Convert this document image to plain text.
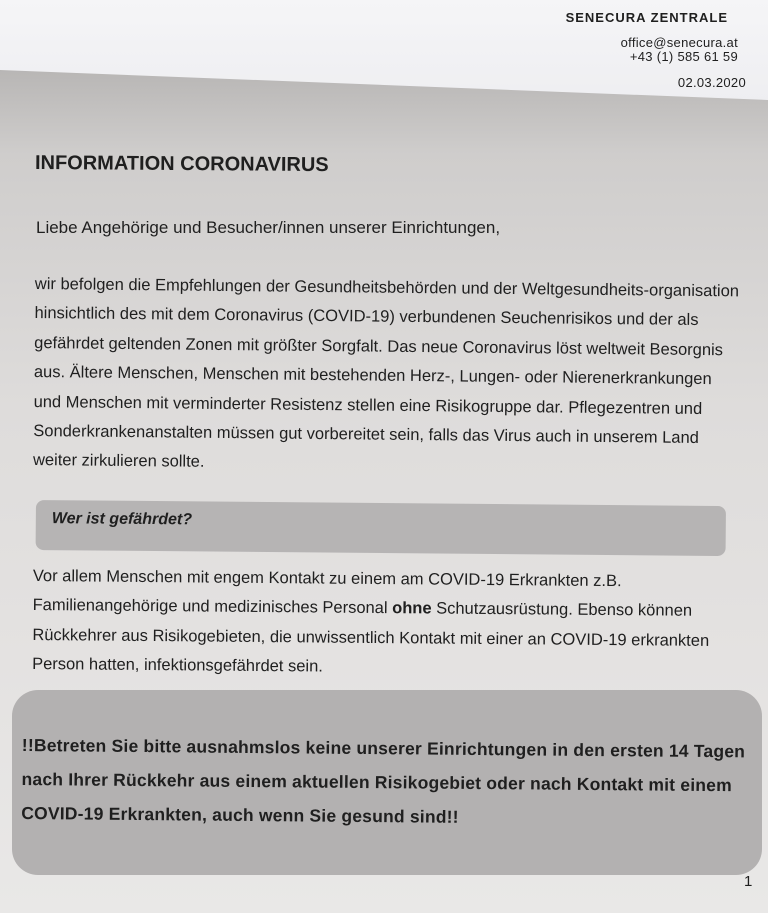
SENECURA ZENTRALE
office@senecura.at
+43 (1) 585 61 59
02.03.2020
INFORMATION CORONAVIRUS

Liebe Angehörige und Besucher/innen unserer Einrichtungen,

wir befolgen die Empfehlungen der Gesundheitsbehörden und der Weltgesundheits-organisation hinsichtlich des mit dem Coronavirus (COVID-19) verbundenen Seuchenrisikos und der als gefährdet geltenden Zonen mit größter Sorgfalt. Das neue Coronavirus löst weltweit Besorgnis aus. Ältere Menschen, Menschen mit bestehenden Herz-, Lungen- oder Nierenerkrankungen und Menschen mit verminderter Resistenz stellen eine Risikogruppe dar. Pflegezentren und Sonderkrankenanstalten müssen gut vorbereitet sein, falls das Virus auch in unserem Land weiter zirkulieren sollte.

Wer ist gefährdet?

Vor allem Menschen mit engem Kontakt zu einem am COVID-19 Erkrankten z.B. Familienangehörige und medizinisches Personal ohne Schutzausrüstung. Ebenso können Rückkehrer aus Risikogebieten, die unwissentlich Kontakt mit einer an COVID-19 erkrankten Person hatten, infektionsgefährdet sein.

!!Betreten Sie bitte ausnahmslos keine unserer Einrichtungen in den ersten 14 Tagen nach Ihrer Rückkehr aus einem aktuellen Risikogebiet oder nach Kontakt mit einem COVID-19 Erkrankten, auch wenn Sie gesund sind!!

1
